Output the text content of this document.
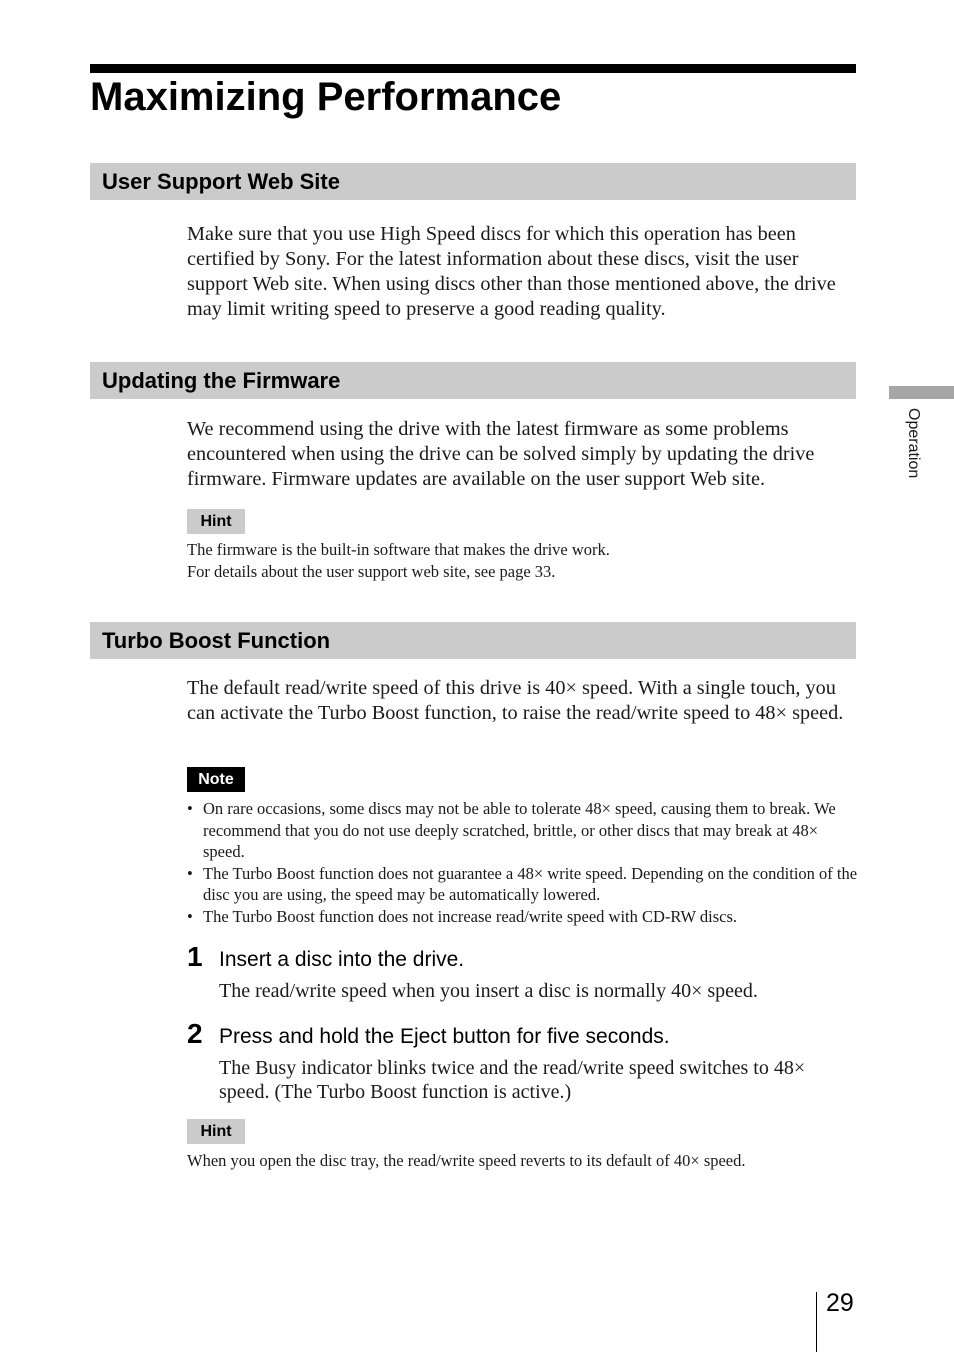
Maximizing Performance
User Support Web Site

Make sure that you use High Speed discs for which this operation has been certified by Sony. For the latest information about these discs, visit the user support Web site. When using discs other than those mentioned above, the drive may limit writing speed to preserve a good reading quality.

Updating the Firmware

We recommend using the drive with the latest firmware as some problems encountered when using the drive can be solved simply by updating the drive firmware. Firmware updates are available on the user support Web site.

Hint

The firmware is the built-in software that makes the drive work.

For details about the user support web site, see page 33.

Turbo Boost Function

The default read/write speed of this drive is 40× speed. With a single touch, you can activate the Turbo Boost function, to raise the read/write speed to 48× speed.

Note
• On rare occasions, some discs may not be able to tolerate 48× speed, causing them to break. We recommend that you do not use deeply scratched, brittle, or other discs that may break at 48× speed.
• The Turbo Boost function does not guarantee a 48× write speed. Depending on the condition of the disc you are using, the speed may be automatically lowered.
• The Turbo Boost function does not increase read/write speed with CD-RW discs.
1 Insert a disc into the drive.

The read/write speed when you insert a disc is normally 40× speed.

2 Press and hold the Eject button for five seconds.

The Busy indicator blinks twice and the read/write speed switches to 48× speed. (The Turbo Boost function is active.)

Hint

When you open the disc tray, the read/write speed reverts to its default of 40× speed.

Operation
29
